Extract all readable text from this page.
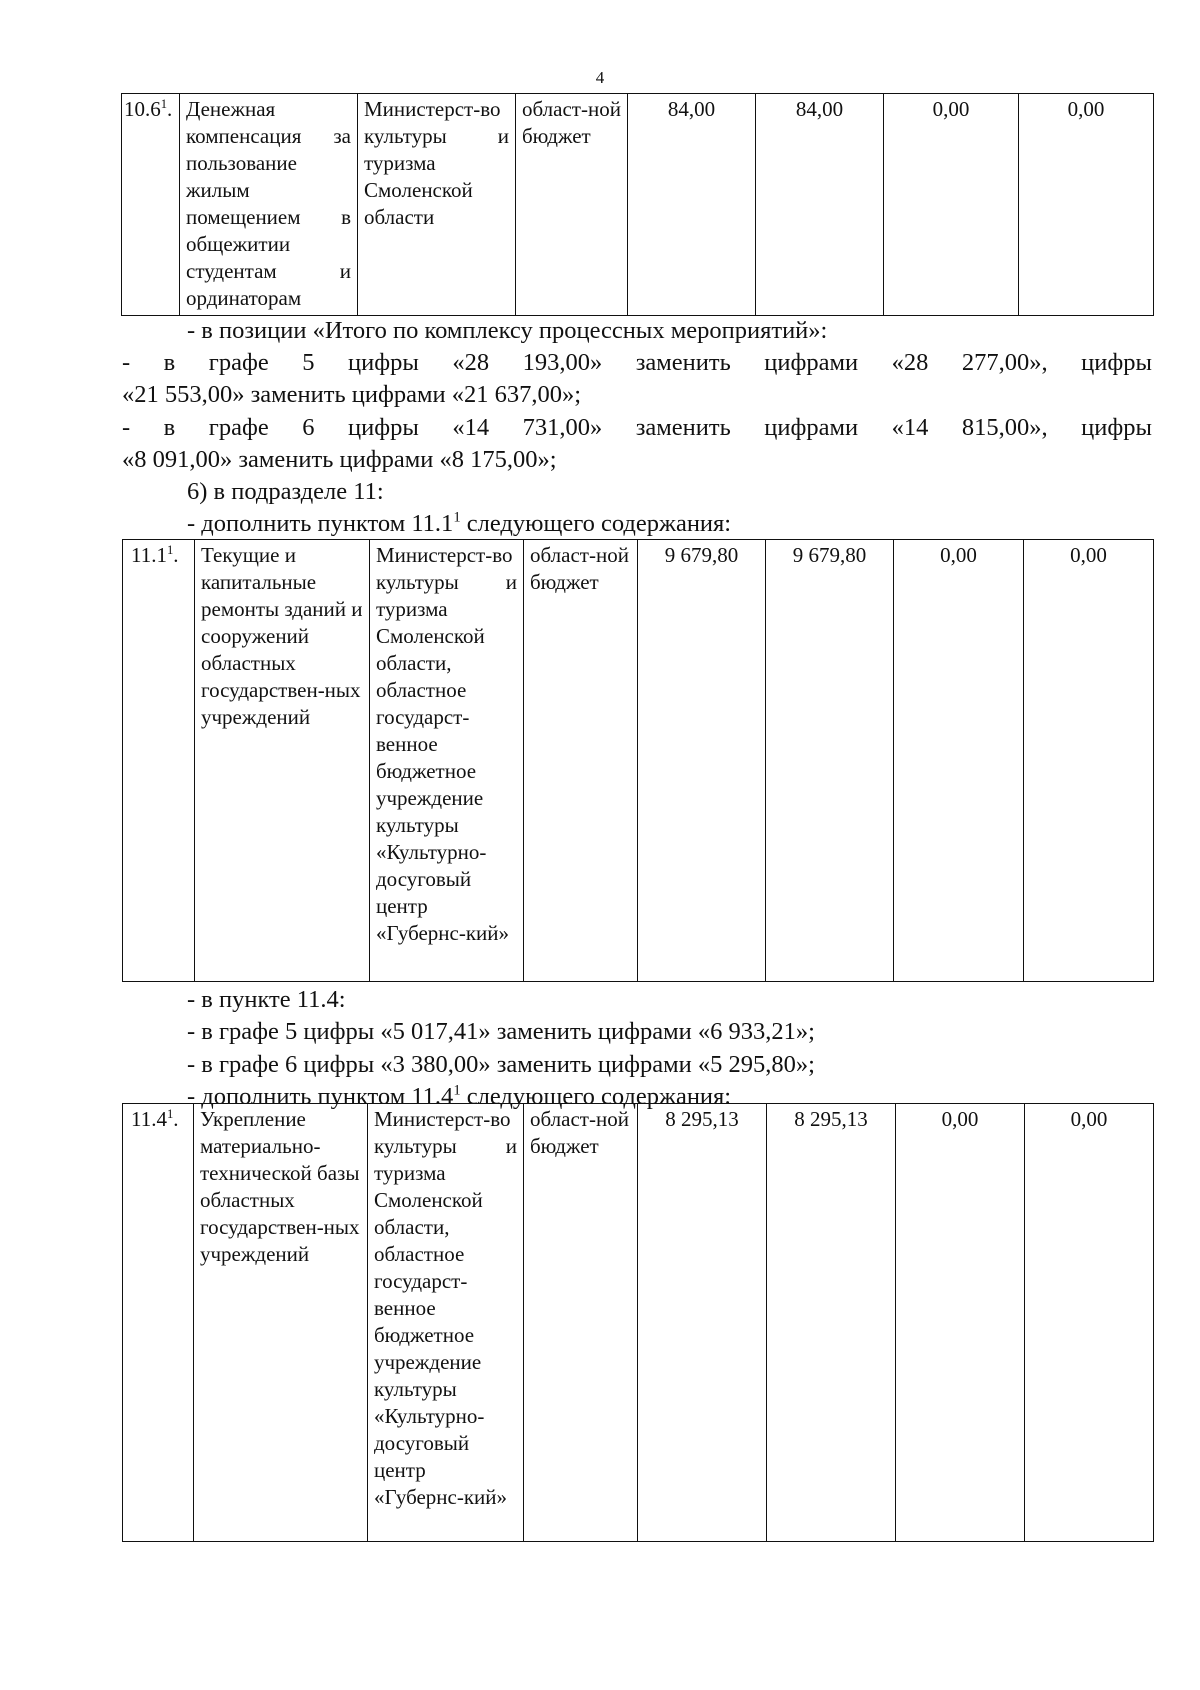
4
10.6$^1$.	Денежная компенсация за пользование жилым помещением в общежитии студентам и ординаторам	Министерст-во культуры и туризма Смоленской области	област-ной бюджет	84,00	84,00	0,00	0,00
- в позиции «Итого по комплексу процессных мероприятий»:
- в графе 5 цифры «28 193,00» заменить цифрами «28 277,00», цифры
«21 553,00» заменить цифрами «21 637,00»;
- в графе 6 цифры «14 731,00» заменить цифрами «14 815,00», цифры
«8 091,00» заменить цифрами «8 175,00»;
6) в подразделе 11:
- дополнить пунктом 11.1$^1$ следующего содержания:
11.1$^1$.	Текущие и капитальные ремонты зданий и сооружений областных государствен-ных учреждений	Министерст-во культуры и туризма Смоленской области, областное государст-венное бюджетное учреждение культуры «Культурно-досуговый центр «Губернс-кий»	област-ной бюджет	9 679,80	9 679,80	0,00	0,00
- в пункте 11.4:
- в графе 5 цифры «5 017,41» заменить цифрами «6 933,21»;
- в графе 6 цифры «3 380,00» заменить цифрами «5 295,80»;
- дополнить пунктом 11.4$^1$ следующего содержания:
11.4$^1$.	Укрепление материально-технической базы областных государствен-ных учреждений	Министерст-во культуры и туризма Смоленской области, областное государст-венное бюджетное учреждение культуры «Культурно-досуговый центр «Губернс-кий»	област-ной бюджет	8 295,13	8 295,13	0,00	0,00
